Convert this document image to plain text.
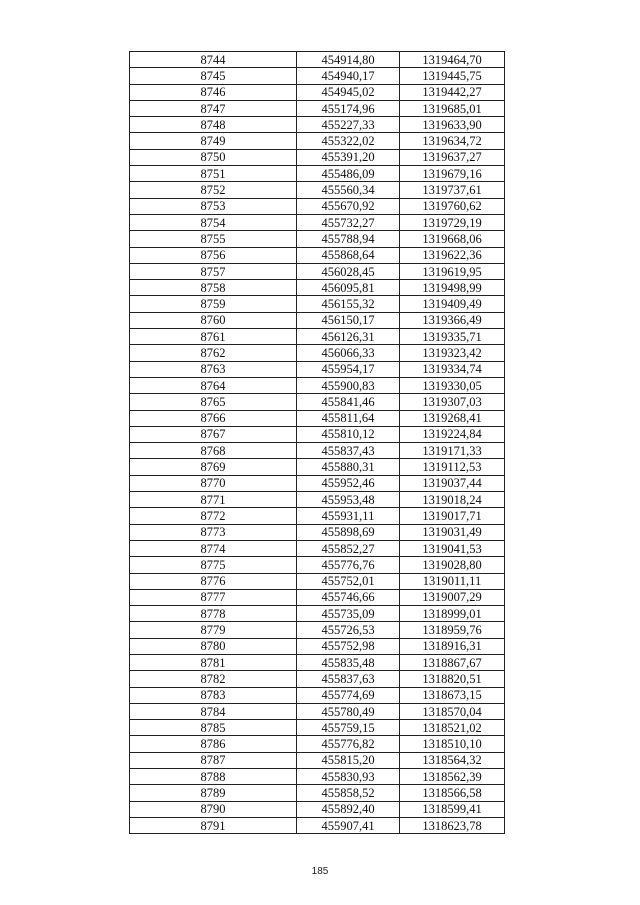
8744	454914,80	1319464,70
8745	454940,17	1319445,75
8746	454945,02	1319442,27
8747	455174,96	1319685,01
8748	455227,33	1319633,90
8749	455322,02	1319634,72
8750	455391,20	1319637,27
8751	455486,09	1319679,16
8752	455560,34	1319737,61
8753	455670,92	1319760,62
8754	455732,27	1319729,19
8755	455788,94	1319668,06
8756	455868,64	1319622,36
8757	456028,45	1319619,95
8758	456095,81	1319498,99
8759	456155,32	1319409,49
8760	456150,17	1319366,49
8761	456126,31	1319335,71
8762	456066,33	1319323,42
8763	455954,17	1319334,74
8764	455900,83	1319330,05
8765	455841,46	1319307,03
8766	455811,64	1319268,41
8767	455810,12	1319224,84
8768	455837,43	1319171,33
8769	455880,31	1319112,53
8770	455952,46	1319037,44
8771	455953,48	1319018,24
8772	455931,11	1319017,71
8773	455898,69	1319031,49
8774	455852,27	1319041,53
8775	455776,76	1319028,80
8776	455752,01	1319011,11
8777	455746,66	1319007,29
8778	455735,09	1318999,01
8779	455726,53	1318959,76
8780	455752,98	1318916,31
8781	455835,48	1318867,67
8782	455837,63	1318820,51
8783	455774,69	1318673,15
8784	455780,49	1318570,04
8785	455759,15	1318521,02
8786	455776,82	1318510,10
8787	455815,20	1318564,32
8788	455830,93	1318562,39
8789	455858,52	1318566,58
8790	455892,40	1318599,41
8791	455907,41	1318623,78
185
